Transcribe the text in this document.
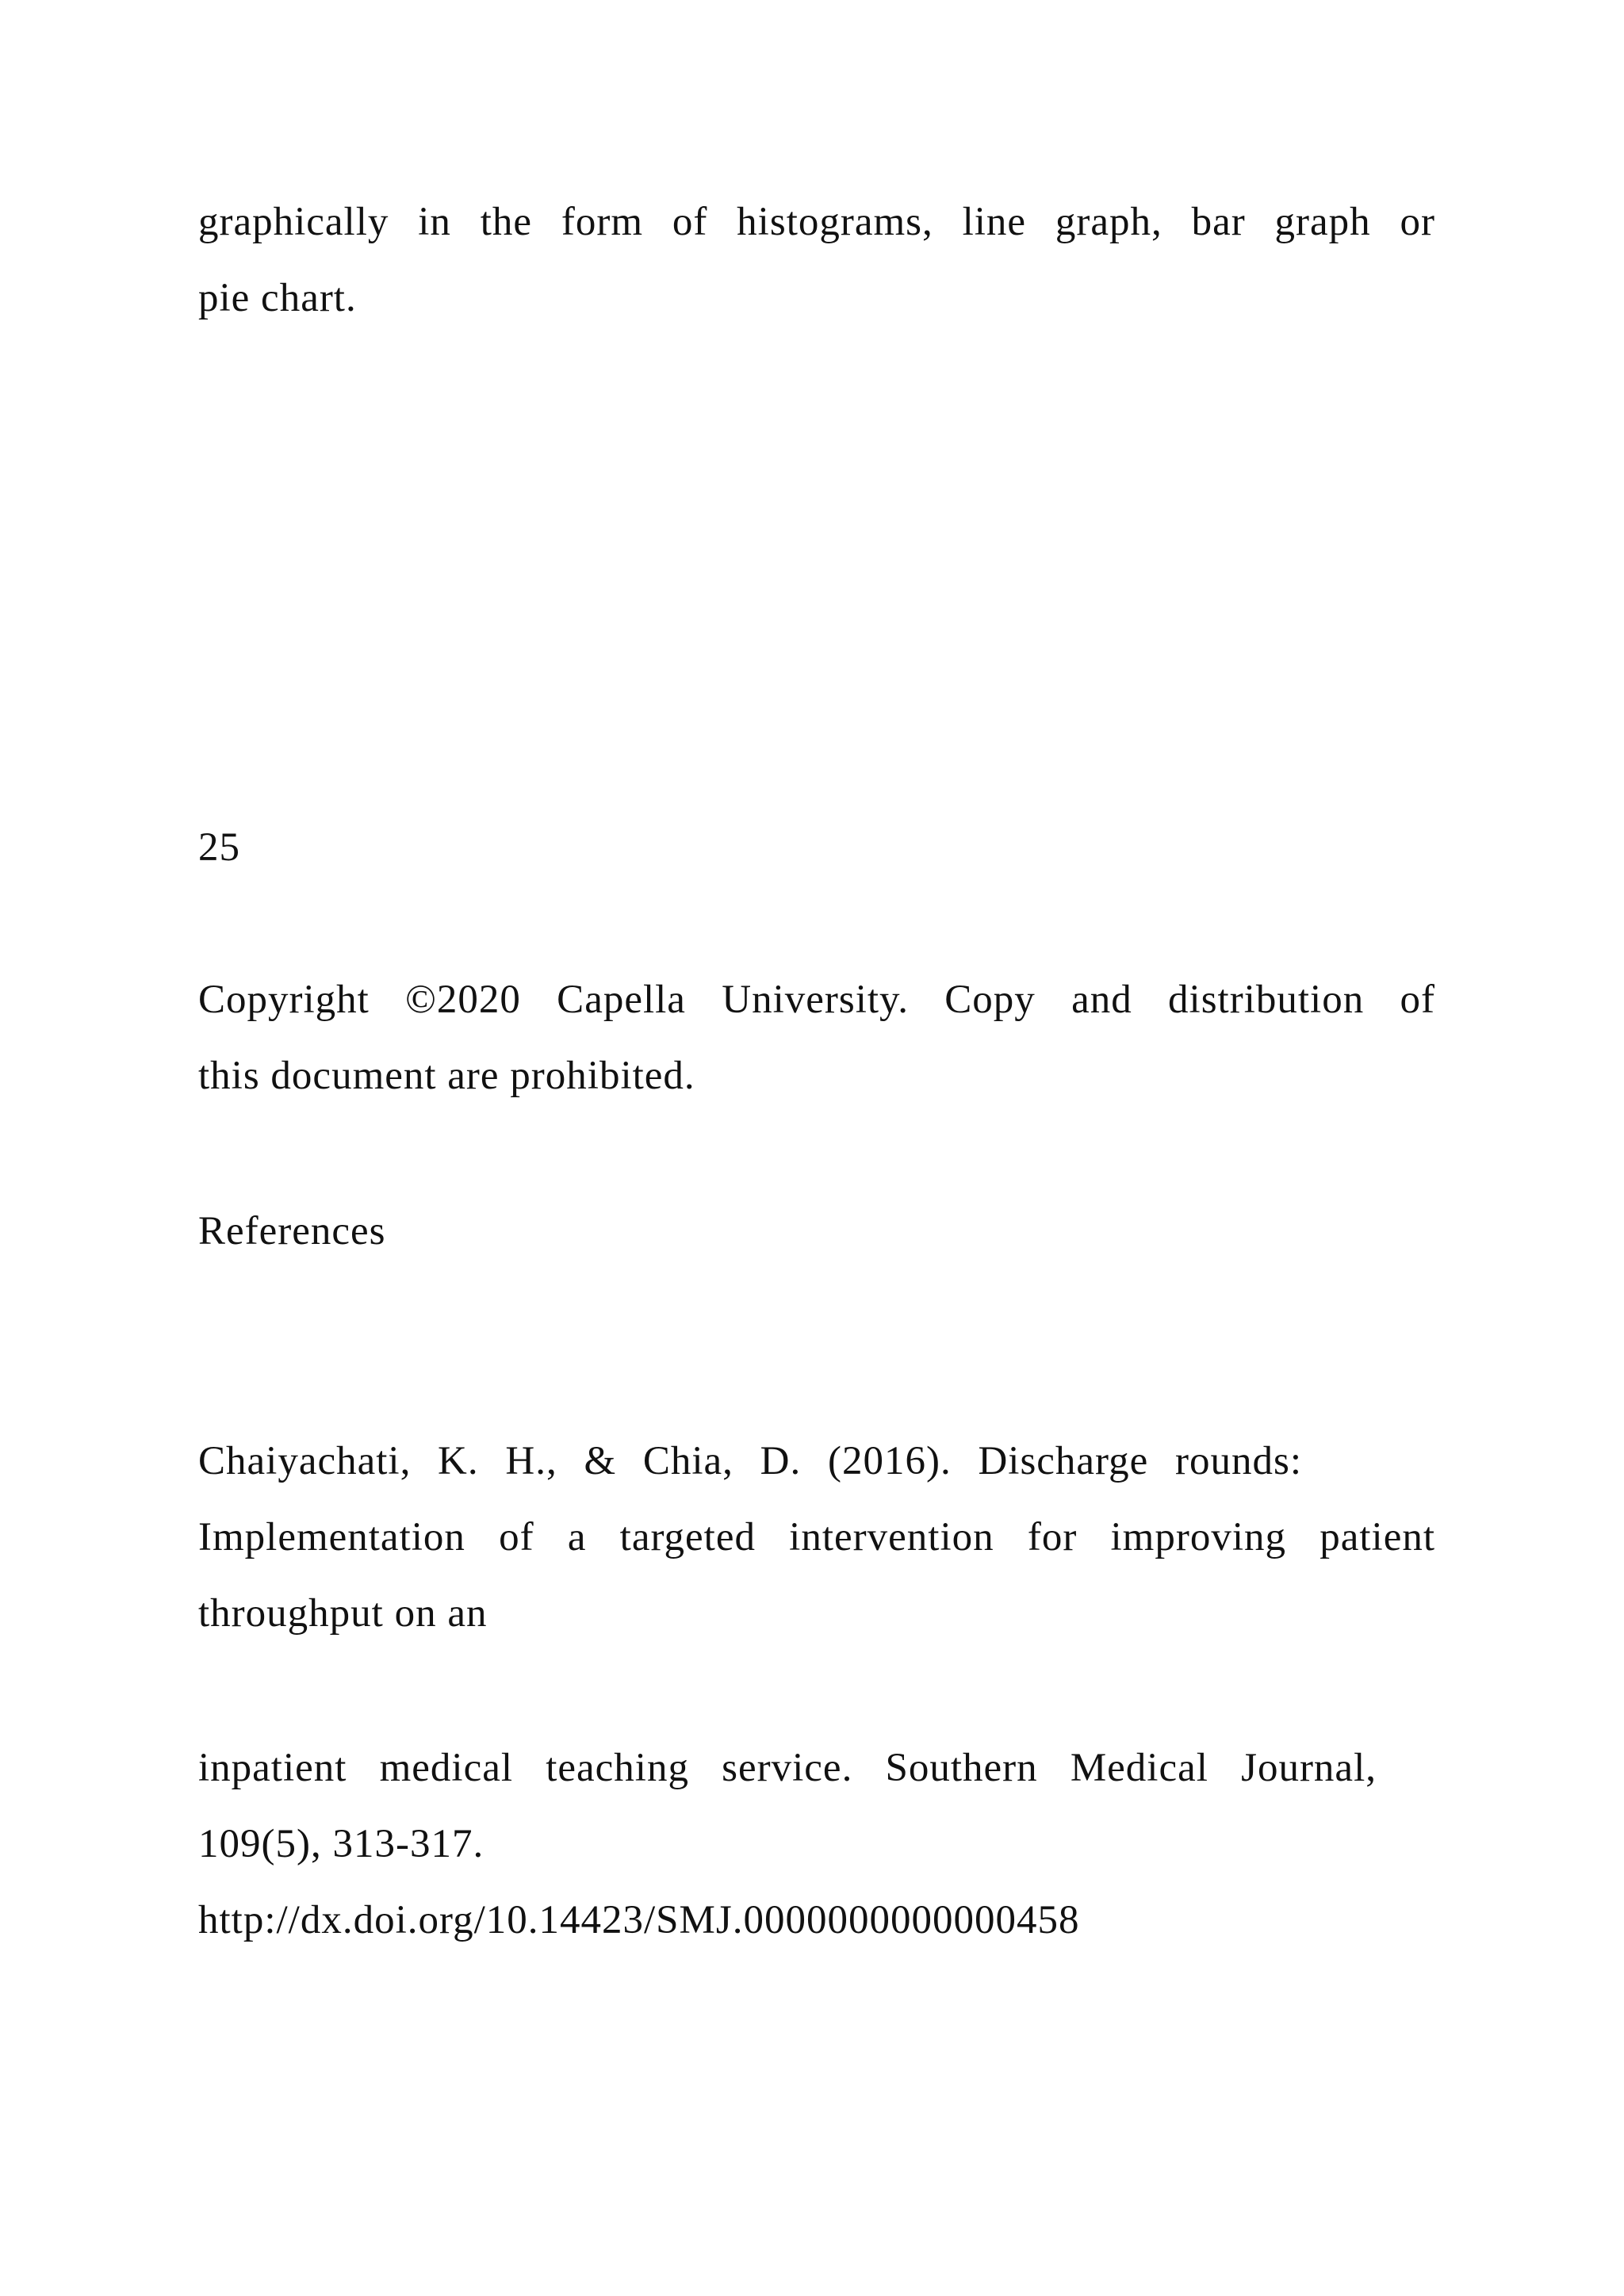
graphically in the form of histograms, line graph, bar graph or
pie chart.

25

Copyright ©2020 Capella University. Copy and distribution of
this document are prohibited.

References

Chaiyachati, K. H., & Chia, D. (2016). Discharge rounds:
Implementation of a targeted intervention for improving patient
throughput on an

inpatient medical teaching service. Southern Medical Journal,
109(5), 313-317.
http://dx.doi.org/10.14423/SMJ.0000000000000458
